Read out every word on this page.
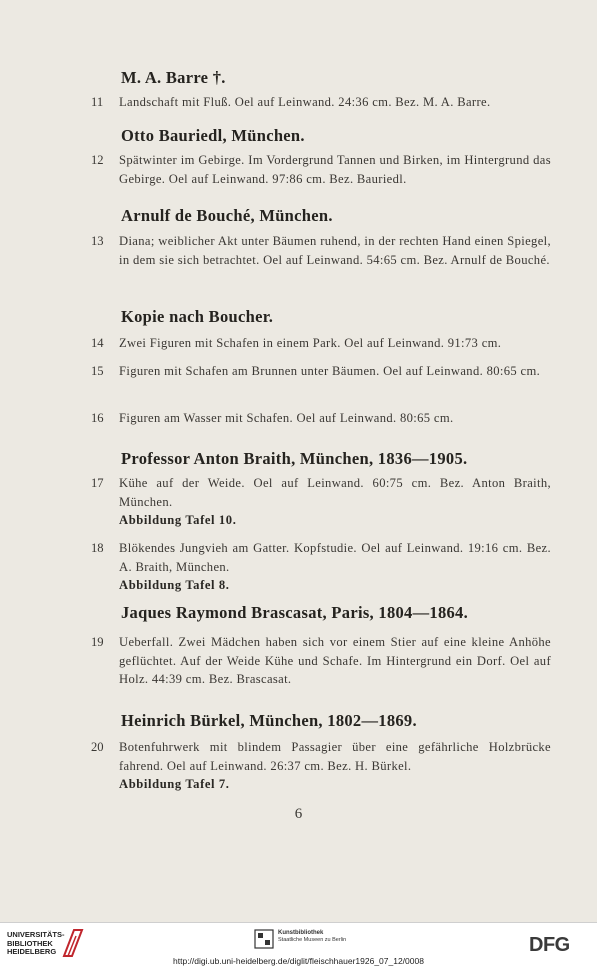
M. A. Barre †.
11	Landschaft mit Fluß. Oel auf Leinwand. 24:36 cm. Bez. M. A. Barre.
Otto Bauriedl, München.
12	Spätwinter im Gebirge. Im Vordergrund Tannen und Birken, im Hintergrund das Gebirge. Oel auf Leinwand. 97:86 cm. Bez. Bauriedl.
Arnulf de Bouché, München.
13	Diana; weiblicher Akt unter Bäumen ruhend, in der rechten Hand einen Spiegel, in dem sie sich betrachtet. Oel auf Leinwand. 54:65 cm. Bez. Arnulf de Bouché.
Kopie nach Boucher.
14	Zwei Figuren mit Schafen in einem Park. Oel auf Leinwand. 91:73 cm.
15	Figuren mit Schafen am Brunnen unter Bäumen. Oel auf Leinwand. 80:65 cm.
16	Figuren am Wasser mit Schafen. Oel auf Leinwand. 80:65 cm.
Professor Anton Braith, München, 1836—1905.
17	Kühe auf der Weide. Oel auf Leinwand. 60:75 cm. Bez. Anton Braith, München.
Abbildung Tafel 10.
18	Blökendes Jungvieh am Gatter. Kopfstudie. Oel auf Leinwand. 19:16 cm. Bez. A. Braith, München.
Abbildung Tafel 8.
Jaques Raymond Brascasat, Paris, 1804—1864.
19	Ueberfall. Zwei Mädchen haben sich vor einem Stier auf eine kleine Anhöhe geflüchtet. Auf der Weide Kühe und Schafe. Im Hintergrund ein Dorf. Oel auf Holz. 44:39 cm. Bez. Brascasat.
Heinrich Bürkel, München, 1802—1869.
20	Botenfuhrwerk mit blindem Passagier über eine gefährliche Holzbrücke fahrend. Oel auf Leinwand. 26:37 cm. Bez. H. Bürkel.
Abbildung Tafel 7.
6
UNIVERSITÄTS-
BIBLIOTHEK
HEIDELBERG
Kunstbibliothek
Staatliche Museen zu Berlin	DFG
http://digi.ub.uni-heidelberg.de/diglit/fleischhauer1926_07_12/0008
